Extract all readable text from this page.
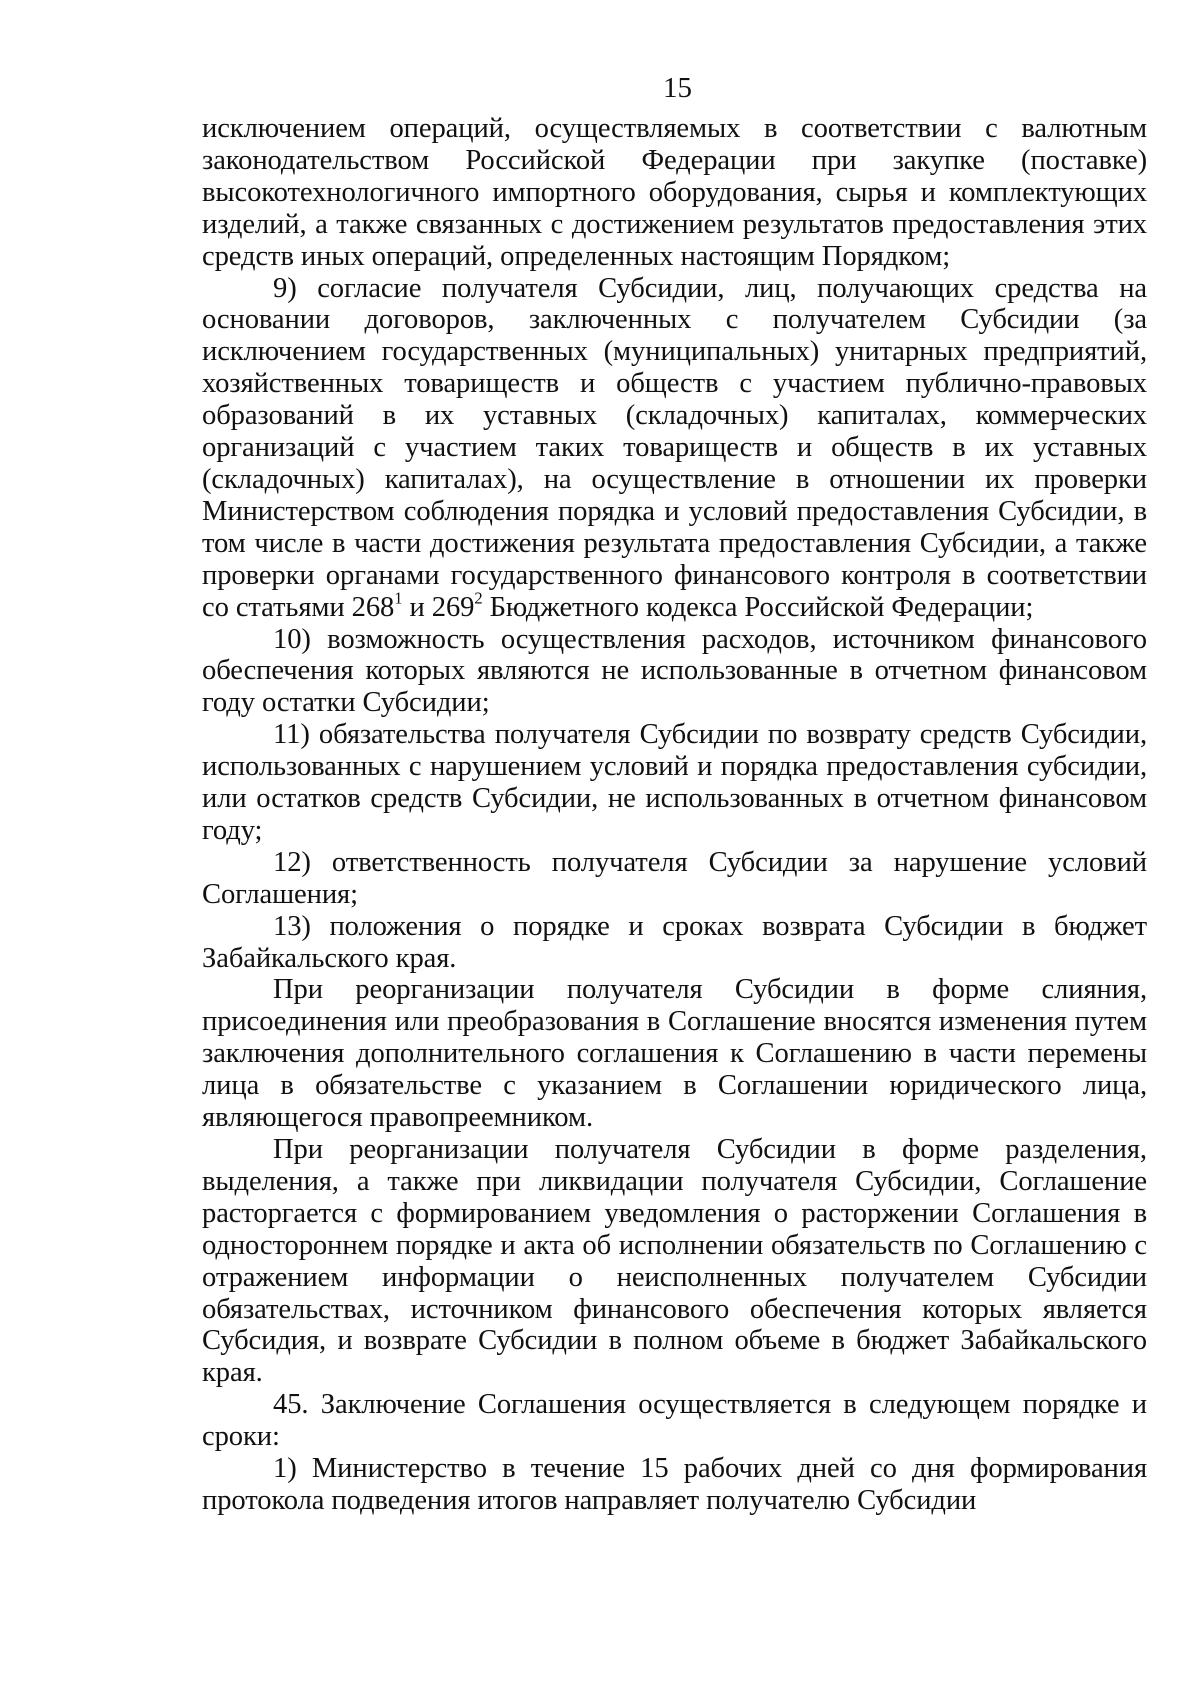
15

исключением операций, осуществляемых в соответствии с валютным законодательством Российской Федерации при закупке (поставке) высокотехнологичного импортного оборудования, сырья и комплектующих изделий, а также связанных с достижением результатов предоставления этих средств иных операций, определенных настоящим Порядком;

9) согласие получателя Субсидии, лиц, получающих средства на основании договоров, заключенных с получателем Субсидии (за исключением государственных (муниципальных) унитарных предприятий, хозяйственных товариществ и обществ с участием публично-правовых образований в их уставных (складочных) капиталах, коммерческих организаций с участием таких товариществ и обществ в их уставных (складочных) капиталах), на осуществление в отношении их проверки Министерством соблюдения порядка и условий предоставления Субсидии, в том числе в части достижения результата предоставления Субсидии, а также проверки органами государственного финансового контроля в соответствии со статьями $268^1$ и $269^2$ Бюджетного кодекса Российской Федерации;

10) возможность осуществления расходов, источником финансового обеспечения которых являются не использованные в отчетном финансовом году остатки Субсидии;

11) обязательства получателя Субсидии по возврату средств Субсидии, использованных с нарушением условий и порядка предоставления субсидии, или остатков средств Субсидии, не использованных в отчетном финансовом году;

12) ответственность получателя Субсидии за нарушение условий Соглашения;

13) положения о порядке и сроках возврата Субсидии в бюджет Забайкальского края.

При реорганизации получателя Субсидии в форме слияния, присоединения или преобразования в Соглашение вносятся изменения путем заключения дополнительного соглашения к Соглашению в части перемены лица в обязательстве с указанием в Соглашении юридического лица, являющегося правопреемником.

При реорганизации получателя Субсидии в форме разделения, выделения, а также при ликвидации получателя Субсидии, Соглашение расторгается с формированием уведомления о расторжении Соглашения в одностороннем порядке и акта об исполнении обязательств по Соглашению с отражением информации о неисполненных получателем Субсидии обязательствах, источником финансового обеспечения которых является Субсидия, и возврате Субсидии в полном объеме в бюджет Забайкальского края.

45. Заключение Соглашения осуществляется в следующем порядке и сроки:

1) Министерство в течение 15 рабочих дней со дня формирования протокола подведения итогов направляет получателю Субсидии
